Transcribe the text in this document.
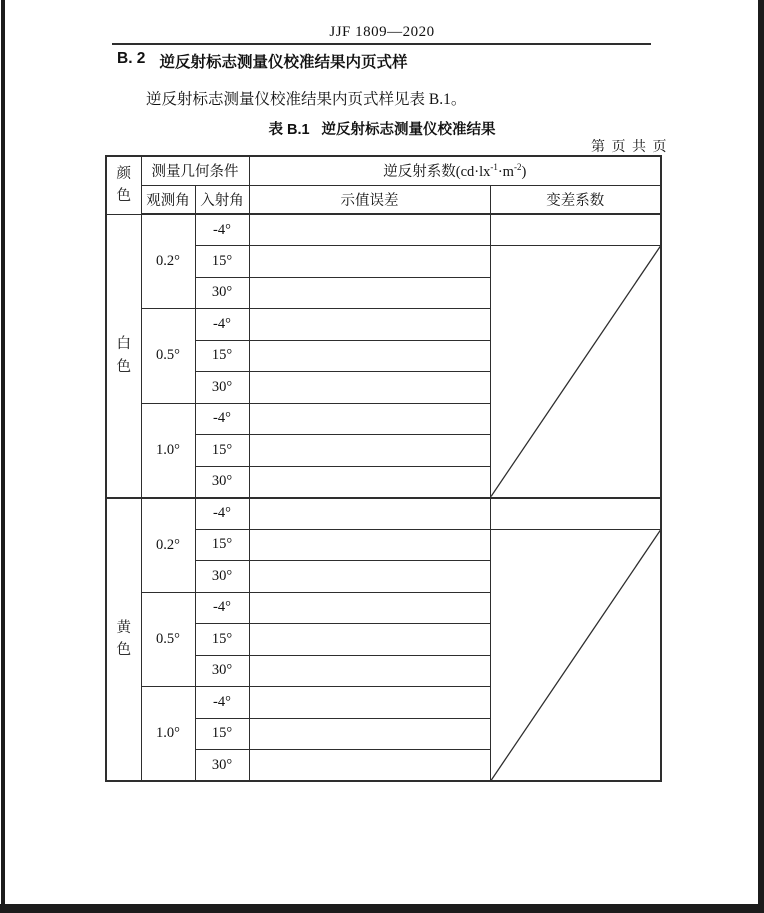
JJF 1809—2020
B. 2 逆反射标志测量仪校准结果内页式样
逆反射标志测量仪校准结果内页式样见表 B.1。
表 B.1 逆反射标志测量仪校准结果
第 页 共 页
颜色	测量几何条件		逆反射系数$(cd\cdot lx^{-1}\cdot m^{-2})$	
	观测角	入射角	示值误差	变差系数
白色	0.2°	-4°		
		15°		

		30°		
	0.5°	-4°		
		15°		
		30°		
	1.0°	-4°		
		15°		
		30°		
黄色	0.2°	-4°		
		15°		

		30°		
	0.5°	-4°		
		15°		
		30°		
	1.0°	-4°		
		15°		
		30°		
